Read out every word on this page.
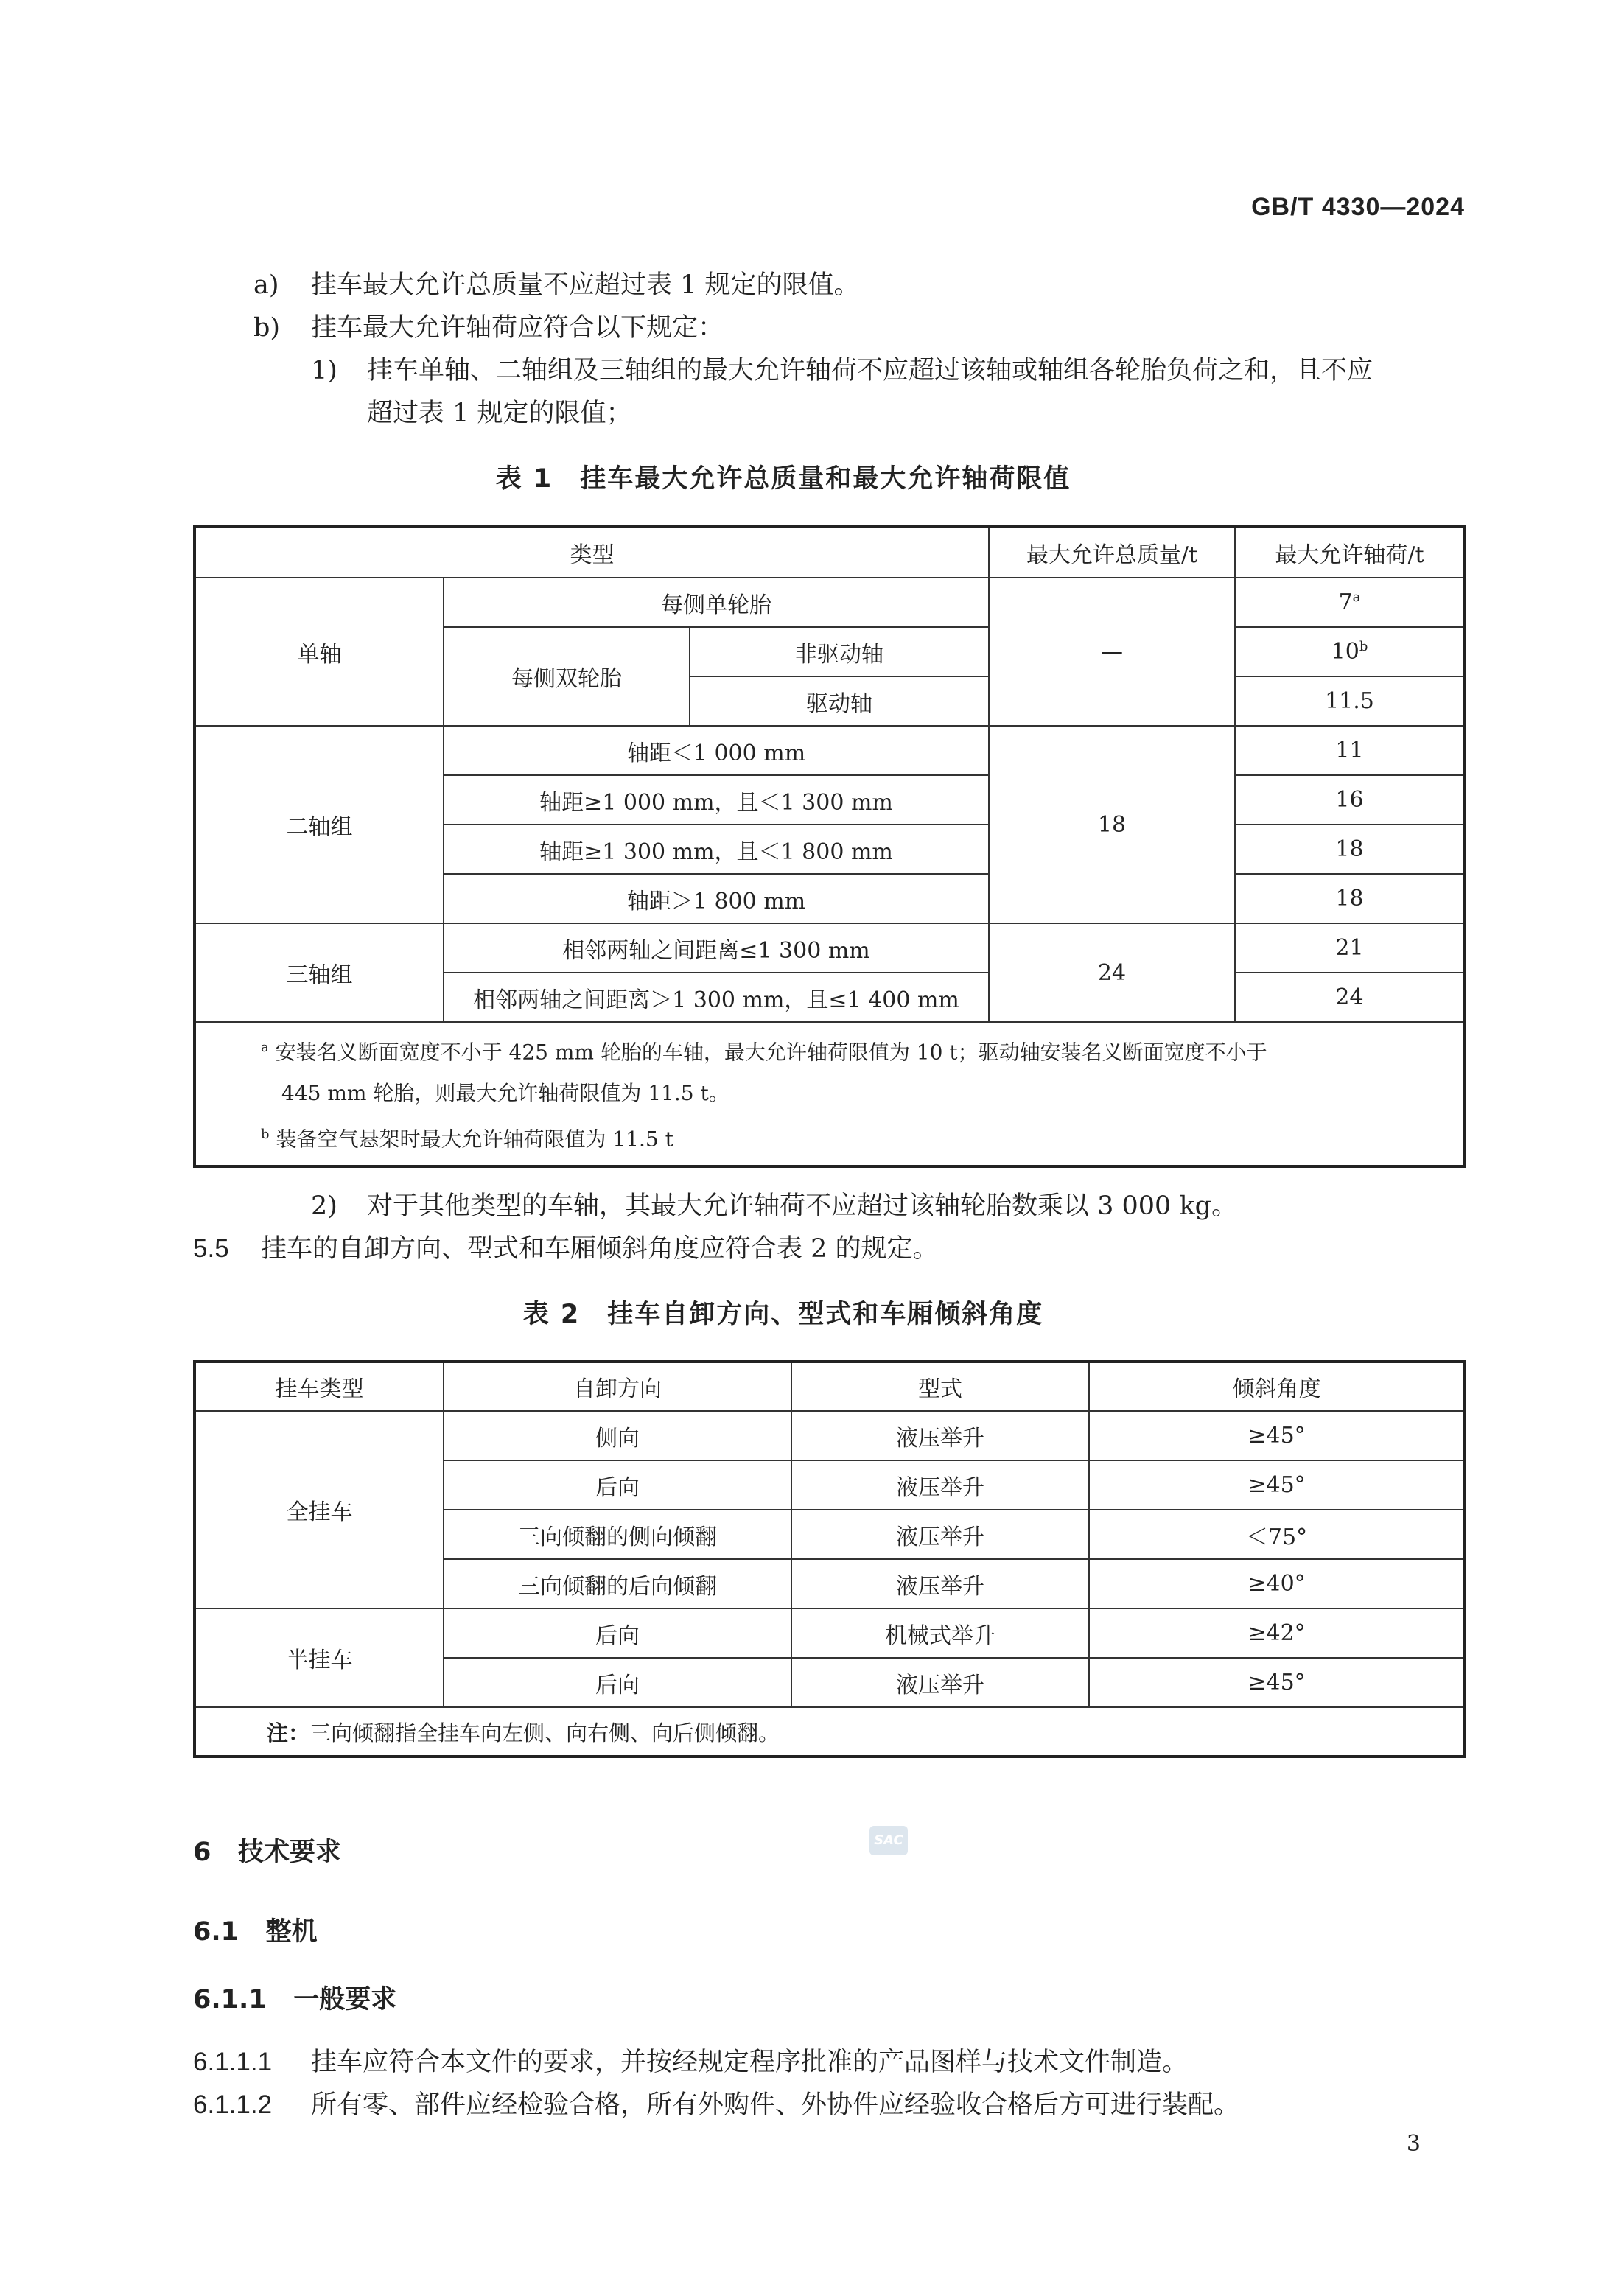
GB/T 4330—2024
a) 挂车最大允许总质量不应超过表 1 规定的限值。
b) 挂车最大允许轴荷应符合以下规定：
1) 挂车单轴、二轴组及三轴组的最大允许轴荷不应超过该轴或轴组各轮胎负荷之和，且不应
超过表 1 规定的限值；
表 1　挂车最大允许总质量和最大允许轴荷限值
类型			最大允许总质量/t	最大允许轴荷/t
单轴	每侧单轮胎		—	7$^a$
	每侧双轮胎	非驱动轴		10$^b$
		驱动轴		11.5
二轴组	轴距＜1 000 mm		18	11
	轴距≥1 000 mm，且＜1 300 mm			16
	轴距≥1 300 mm，且＜1 800 mm			18
	轴距＞1 800 mm			18
三轴组	相邻两轴之间距离≤1 300 mm		24	21
	相邻两轴之间距离＞1 300 mm，且≤1 400 mm			24

$^a$ 安装名义断面宽度不小于 425 mm 轮胎的车轴，最大允许轴荷限值为 10 t；驱动轴安装名义断面宽度不小于
445 mm 轮胎，则最大允许轴荷限值为 11.5 t。
$^b$ 装备空气悬架时最大允许轴荷限值为 11.5 t				
2) 对于其他类型的车轴，其最大允许轴荷不应超过该轴轮胎数乘以 3 000 kg。
5.5 挂车的自卸方向、型式和车厢倾斜角度应符合表 2 的规定。
表 2　挂车自卸方向、型式和车厢倾斜角度
挂车类型	自卸方向	型式	倾斜角度
全挂车	侧向	液压举升	≥45°
	后向	液压举升	≥45°
	三向倾翻的侧向倾翻	液压举升	＜75°
	三向倾翻的后向倾翻	液压举升	≥40°
半挂车	后向	机械式举升	≥42°
	后向	液压举升	≥45°
注：三向倾翻指全挂车向左侧、向右侧、向后侧倾翻。			
SAC
6 技术要求
6.1 整机
6.1.1 一般要求
6.1.1.1 挂车应符合本文件的要求，并按经规定程序批准的产品图样与技术文件制造。
6.1.1.2 所有零、部件应经检验合格，所有外购件、外协件应经验收合格后方可进行装配。
3
